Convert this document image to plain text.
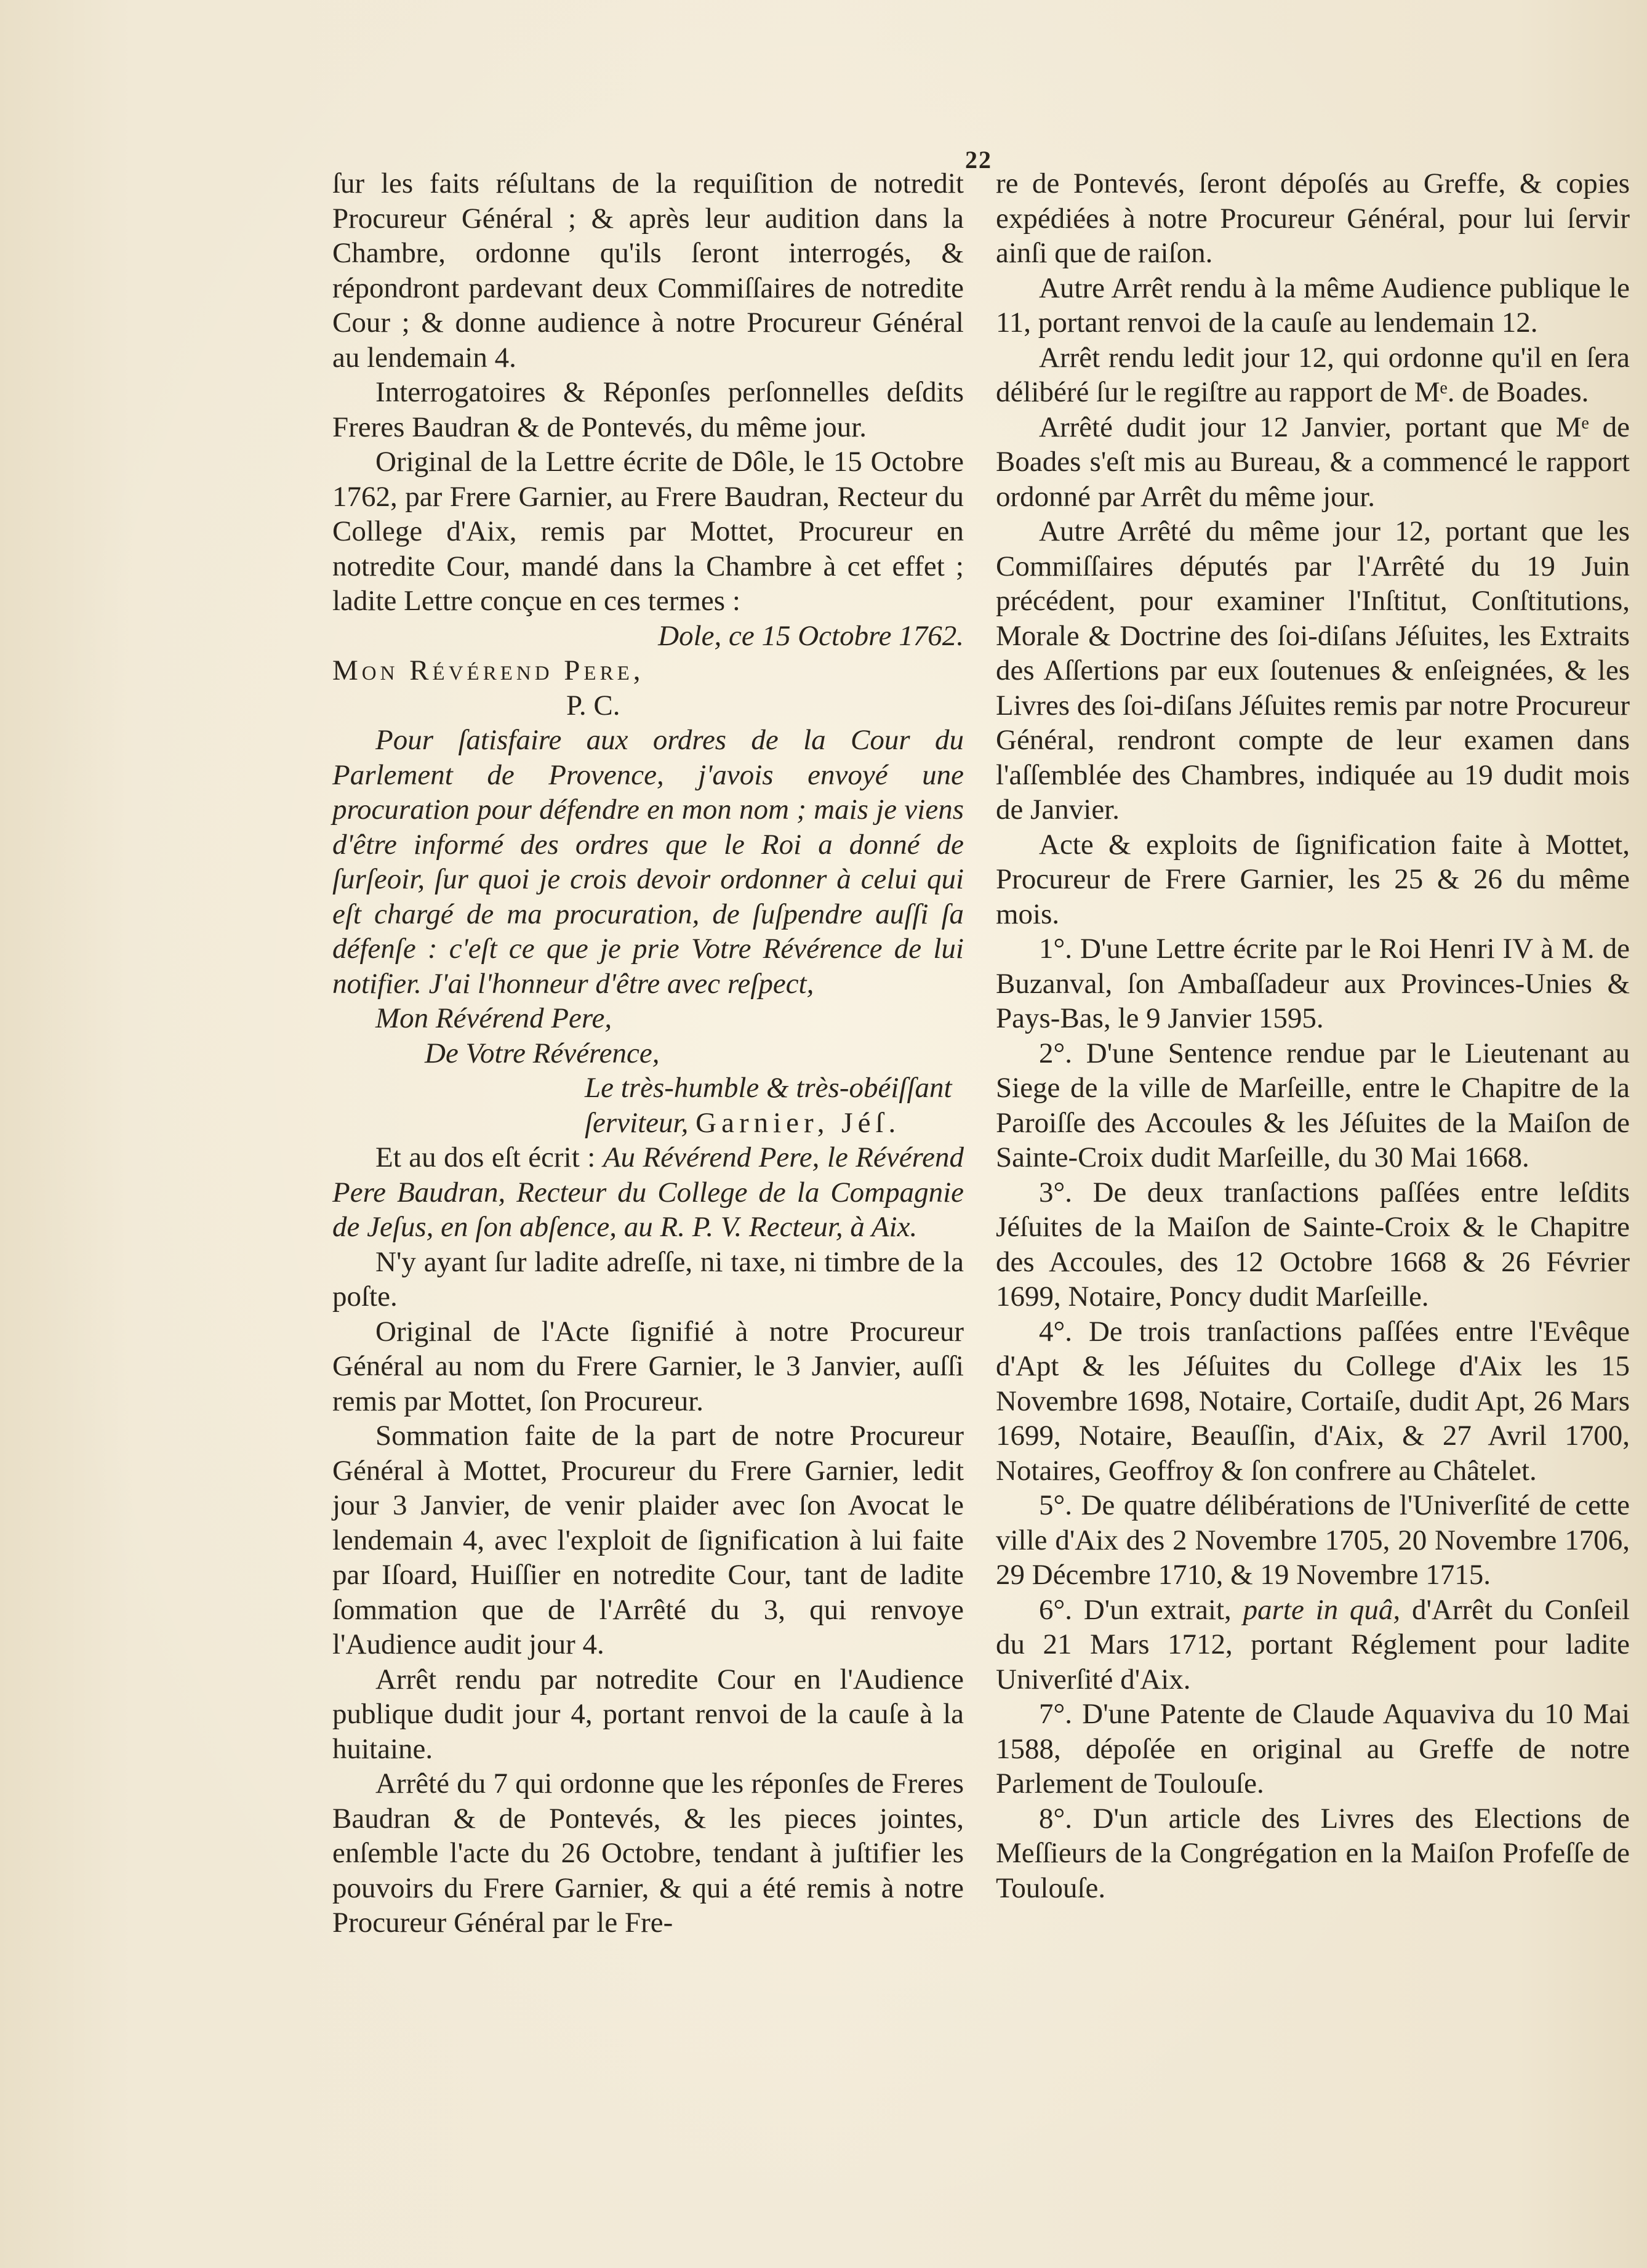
22

ſur les faits réſultans de la requiſition de notredit Procureur Général ; & après leur audition dans la Chambre, ordonne qu'ils ſeront interrogés, & répondront pardevant deux Commiſſaires de notredite Cour ; & donne audience à notre Procureur Général au lendemain 4.

Interrogatoires & Réponſes perſonnelles deſdits Freres Baudran & de Pontevés, du même jour.

Original de la Lettre écrite de Dôle, le 15 Octobre 1762, par Frere Garnier, au Frere Baudran, Recteur du College d'Aix, remis par Mottet, Procureur en notredite Cour, mandé dans la Chambre à cet effet ; ladite Lettre conçue en ces termes :

Dole, ce 15 Octobre 1762.

Mon Révérend Pere,

P. C.

Pour ſatisfaire aux ordres de la Cour du Parlement de Provence, j'avois envoyé une procuration pour défendre en mon nom ; mais je viens d'être informé des ordres que le Roi a donné de ſurſeoir, ſur quoi je crois devoir ordonner à celui qui eſt chargé de ma procuration, de ſuſpendre auſſi ſa défenſe : c'eſt ce que je prie Votre Révérence de lui notifier. J'ai l'honneur d'être avec reſpect,

Mon Révérend Pere,

De Votre Révérence,

Le très-humble & très-obéiſſant

ſerviteur, Garnier, Jéſ.

Et au dos eſt écrit : Au Révérend Pere, le Révérend Pere Baudran, Recteur du College de la Compagnie de Jeſus, en ſon abſence, au R. P. V. Recteur, à Aix.

N'y ayant ſur ladite adreſſe, ni taxe, ni timbre de la poſte.

Original de l'Acte ſignifié à notre Procureur Général au nom du Frere Garnier, le 3 Janvier, auſſi remis par Mottet, ſon Procureur.

Sommation faite de la part de notre Procureur Général à Mottet, Procureur du Frere Garnier, ledit jour 3 Janvier, de venir plaider avec ſon Avocat le lendemain 4, avec l'exploit de ſignification à lui faite par Iſoard, Huiſſier en notredite Cour, tant de ladite ſommation que de l'Arrêté du 3, qui renvoye l'Audience audit jour 4.

Arrêt rendu par notredite Cour en l'Audience publique dudit jour 4, portant renvoi de la cauſe à la huitaine.

Arrêté du 7 qui ordonne que les réponſes de Freres Baudran & de Pontevés, & les pieces jointes, enſemble l'acte du 26 Octobre, tendant à juſtifier les pouvoirs du Frere Garnier, & qui a été remis à notre Procureur Général par le Fre-

re de Pontevés, ſeront dépoſés au Greffe, & copies expédiées à notre Procureur Général, pour lui ſervir ainſi que de raiſon.

Autre Arrêt rendu à la même Audience publique le 11, portant renvoi de la cauſe au lendemain 12.

Arrêt rendu ledit jour 12, qui ordonne qu'il en ſera délibéré ſur le regiſtre au rapport de Mᵉ. de Boades.

Arrêté dudit jour 12 Janvier, portant que Mᵉ de Boades s'eſt mis au Bureau, & a commencé le rapport ordonné par Arrêt du même jour.

Autre Arrêté du même jour 12, portant que les Commiſſaires députés par l'Arrêté du 19 Juin précédent, pour examiner l'Inſtitut, Conſtitutions, Morale & Doctrine des ſoi-diſans Jéſuites, les Extraits des Aſſertions par eux ſoutenues & enſeignées, & les Livres des ſoi-diſans Jéſuites remis par notre Procureur Général, rendront compte de leur examen dans l'aſſemblée des Chambres, indiquée au 19 dudit mois de Janvier.

Acte & exploits de ſignification faite à Mottet, Procureur de Frere Garnier, les 25 & 26 du même mois.

1°. D'une Lettre écrite par le Roi Henri IV à M. de Buzanval, ſon Ambaſſadeur aux Provinces-Unies & Pays-Bas, le 9 Janvier 1595.

2°. D'une Sentence rendue par le Lieutenant au Siege de la ville de Marſeille, entre le Chapitre de la Paroiſſe des Accoules & les Jéſuites de la Maiſon de Sainte-Croix dudit Marſeille, du 30 Mai 1668.

3°. De deux tranſactions paſſées entre leſdits Jéſuites de la Maiſon de Sainte-Croix & le Chapitre des Accoules, des 12 Octobre 1668 & 26 Février 1699, Notaire, Poncy dudit Marſeille.

4°. De trois tranſactions paſſées entre l'Evêque d'Apt & les Jéſuites du College d'Aix les 15 Novembre 1698, Notaire, Cortaiſe, dudit Apt, 26 Mars 1699, Notaire, Beauſſin, d'Aix, & 27 Avril 1700, Notaires, Geoffroy & ſon confrere au Châtelet.

5°. De quatre délibérations de l'Univerſité de cette ville d'Aix des 2 Novembre 1705, 20 Novembre 1706, 29 Décembre 1710, & 19 Novembre 1715.

6°. D'un extrait, parte in quâ, d'Arrêt du Conſeil du 21 Mars 1712, portant Réglement pour ladite Univerſité d'Aix.

7°. D'une Patente de Claude Aquaviva du 10 Mai 1588, dépoſée en original au Greffe de notre Parlement de Toulouſe.

8°. D'un article des Livres des Elections de Meſſieurs de la Congrégation en la Maiſon Profeſſe de Toulouſe.
